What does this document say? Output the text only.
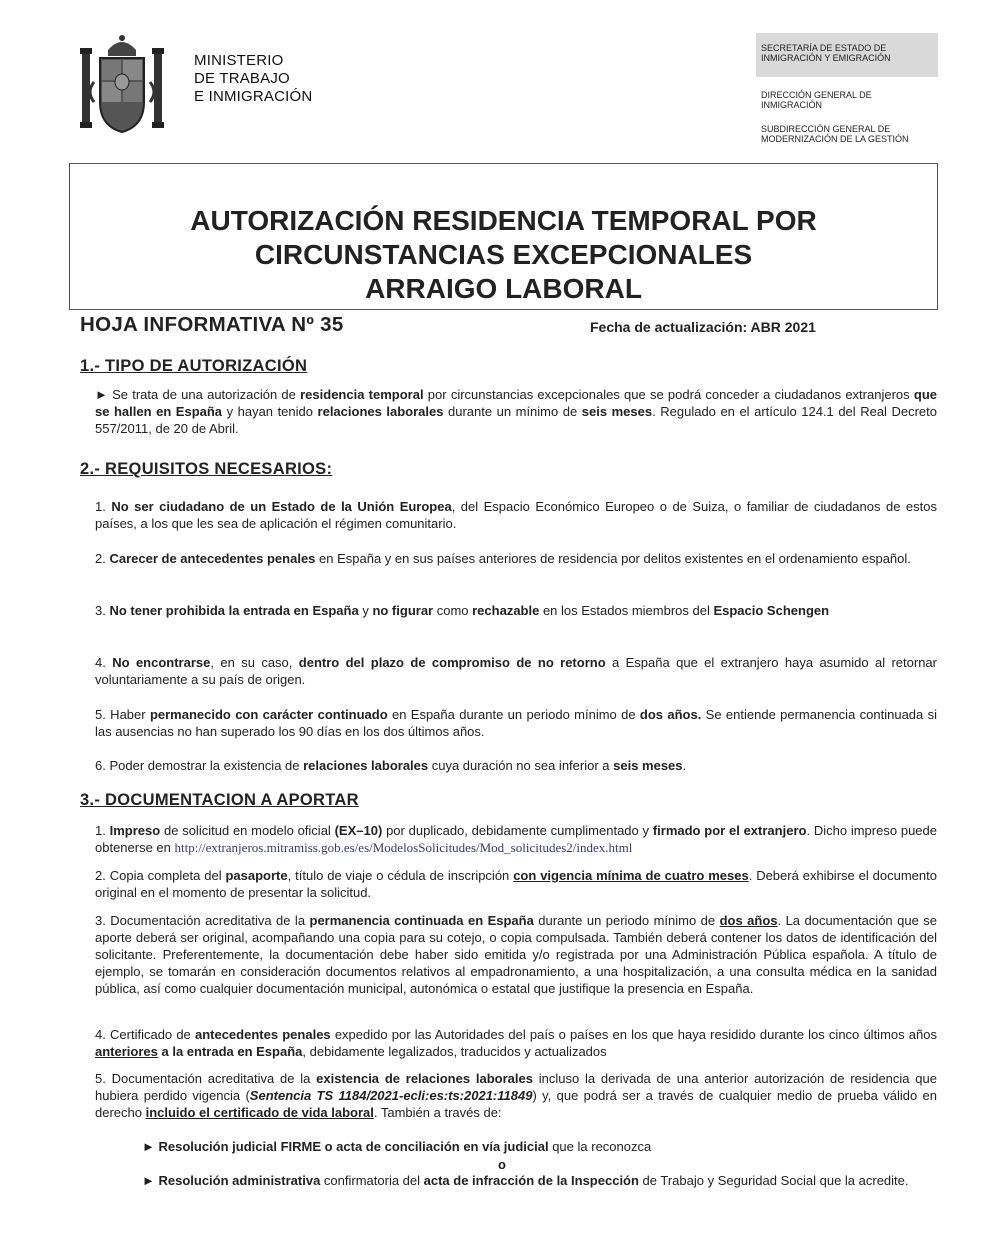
MINISTERIO
DE TRABAJO
E INMIGRACIÓN
SECRETARÍA DE ESTADO DE INMIGRACIÓN Y EMIGRACIÓN
DIRECCIÓN GENERAL DE INMIGRACIÓN
SUBDIRECCIÓN GENERAL DE MODERNIZACIÓN DE LA GESTIÓN
AUTORIZACIÓN RESIDENCIA TEMPORAL POR
CIRCUNSTANCIAS EXCEPCIONALES
ARRAIGO LABORAL
HOJA INFORMATIVA Nº 35	Fecha de actualización: ABR 2021
1.- TIPO DE AUTORIZACIÓN
► Se trata de una autorización de residencia temporal por circunstancias excepcionales que se podrá conceder a ciudadanos extranjeros que se hallen en España y hayan tenido relaciones laborales durante un mínimo de seis meses. Regulado en el artículo 124.1 del Real Decreto 557/2011, de 20 de Abril.
2.- REQUISITOS NECESARIOS:
1. No ser ciudadano de un Estado de la Unión Europea, del Espacio Económico Europeo o de Suiza, o familiar de ciudadanos de estos países, a los que les sea de aplicación el régimen comunitario.
2. Carecer de antecedentes penales en España y en sus países anteriores de residencia por delitos existentes en el ordenamiento español.
3. No tener prohibida la entrada en España y no figurar como rechazable en los Estados miembros del Espacio Schengen
4. No encontrarse, en su caso, dentro del plazo de compromiso de no retorno a España que el extranjero haya asumido al retornar voluntariamente a su país de origen.
5. Haber permanecido con carácter continuado en España durante un periodo mínimo de dos años. Se entiende permanencia continuada si las ausencias no han superado los 90 días en los dos últimos años.
6. Poder demostrar la existencia de relaciones laborales cuya duración no sea inferior a seis meses.
3.- DOCUMENTACION A APORTAR
1. Impreso de solicitud en modelo oficial (EX–10) por duplicado, debidamente cumplimentado y firmado por el extranjero. Dicho impreso puede obtenerse en http://extranjeros.mitramiss.gob.es/es/ModelosSolicitudes/Mod_solicitudes2/index.html
2. Copia completa del pasaporte, título de viaje o cédula de inscripción con vigencia mínima de cuatro meses. Deberá exhibirse el documento original en el momento de presentar la solicitud.
3. Documentación acreditativa de la permanencia continuada en España durante un periodo mínimo de dos años. La documentación que se aporte deberá ser original, acompañando una copia para su cotejo, o copia compulsada. También deberá contener los datos de identificación del solicitante. Preferentemente, la documentación debe haber sido emitida y/o registrada por una Administración Pública española. A título de ejemplo, se tomarán en consideración documentos relativos al empadronamiento, a una hospitalización, a una consulta médica en la sanidad pública, así como cualquier documentación municipal, autonómica o estatal que justifique la presencia en España.
4. Certificado de antecedentes penales expedido por las Autoridades del país o países en los que haya residido durante los cinco últimos años anteriores a la entrada en España, debidamente legalizados, traducidos y actualizados
5. Documentación acreditativa de la existencia de relaciones laborales incluso la derivada de una anterior autorización de residencia que hubiera perdido vigencia (Sentencia TS 1184/2021-ecli:es:ts:2021:11849) y, que podrá ser a través de cualquier medio de prueba válido en derecho incluido el certificado de vida laboral. También a través de:
► Resolución judicial FIRME o acta de conciliación en vía judicial que la reconozca
o
► Resolución administrativa confirmatoria del acta de infracción de la Inspección de Trabajo y Seguridad Social que la acredite.
